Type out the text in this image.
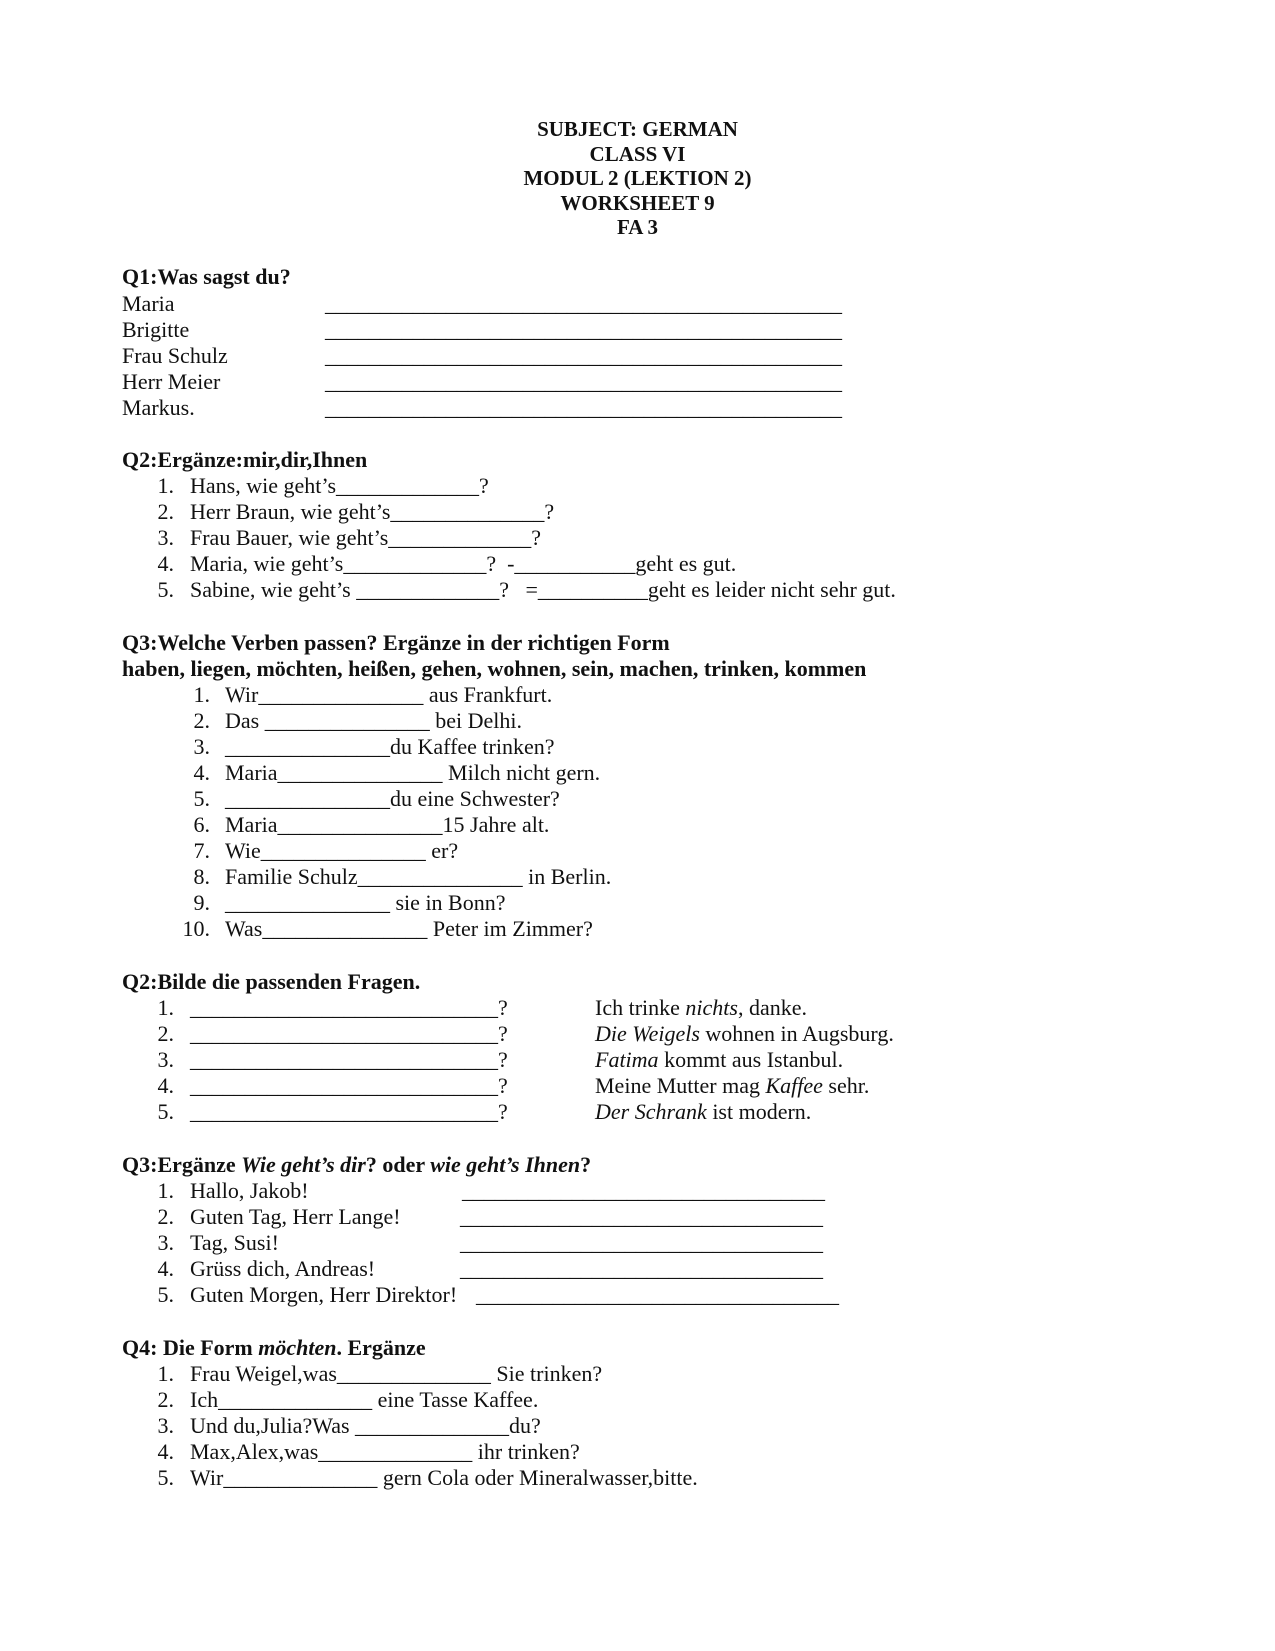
SUBJECT: GERMAN
CLASS VI
MODUL 2 (LEKTION 2)
WORKSHEET 9
FA 3
Q1:Was sagst du?
Maria	_______________________________________________
Brigitte	_______________________________________________
Frau Schulz	_______________________________________________
Herr Meier	_______________________________________________
Markus.	_______________________________________________
Q2:Ergänze:mir,dir,Ihnen
1. Hans, wie geht’s_____________?
2. Herr Braun, wie geht’s______________?
3. Frau Bauer, wie geht’s_____________?
4. Maria, wie geht’s_____________?  -___________geht es gut.
5. Sabine, wie geht’s _____________?   =__________geht es leider nicht sehr gut.
Q3:Welche Verben passen? Ergänze in der richtigen Form
haben, liegen, möchten, heißen, gehen, wohnen, sein, machen, trinken, kommen
1. Wir_______________ aus Frankfurt.
2. Das _______________ bei Delhi.
3. _______________du Kaffee trinken?
4. Maria_______________ Milch nicht gern.
5. _______________du eine Schwester?
6. Maria_______________15 Jahre alt.
7. Wie_______________ er?
8. Familie Schulz_______________ in Berlin.
9. _______________ sie in Bonn?
10. Was_______________ Peter im Zimmer?
Q2:Bilde die passenden Fragen.
1. ____________________________?	Ich trinke nichts, danke.
2. ____________________________?	Die Weigels wohnen in Augsburg.
3. ____________________________?	Fatima kommt aus Istanbul.
4. ____________________________?	Meine Mutter mag Kaffee sehr.
5. ____________________________?	Der Schrank ist modern.
Q3:Ergänze Wie geht’s dir? oder wie geht’s Ihnen?
1. Hallo, Jakob!	_________________________________
2. Guten Tag, Herr Lange!	_________________________________
3. Tag, Susi!	_________________________________
4. Grüss dich, Andreas!	_________________________________
5. Guten Morgen, Herr Direktor! _________________________________
Q4: Die Form möchten. Ergänze
1. Frau Weigel,was______________ Sie trinken?
2. Ich______________ eine Tasse Kaffee.
3. Und du,Julia?Was ______________du?
4. Max,Alex,was______________ ihr trinken?
5. Wir______________ gern Cola oder Mineralwasser,bitte.
